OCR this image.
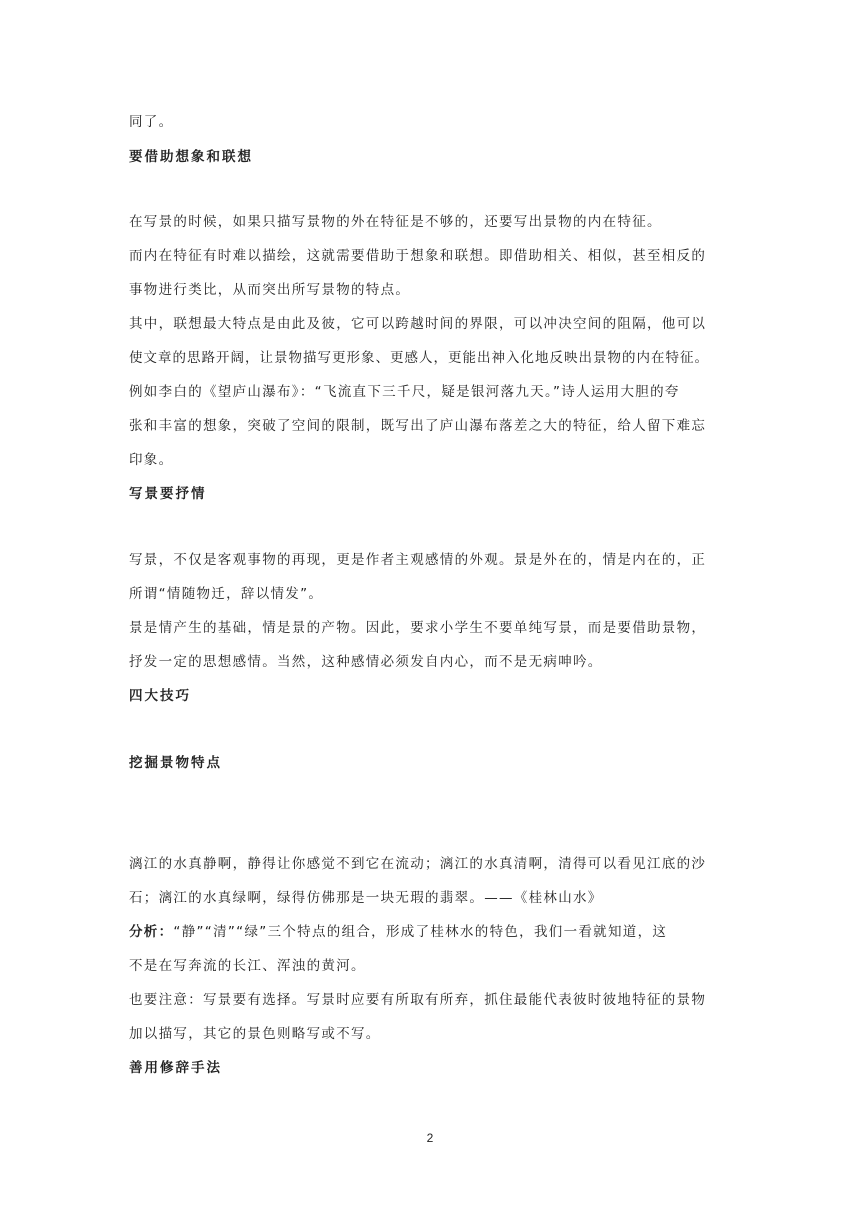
同了。
要借助想象和联想
在写景的时候，如果只描写景物的外在特征是不够的，还要写出景物的内在特征。
而内在特征有时难以描绘，这就需要借助于想象和联想。即借助相关、相似，甚至相反的
事物进行类比，从而突出所写景物的特点。
其中，联想最大特点是由此及彼，它可以跨越时间的界限，可以冲决空间的阻隔，他可以
使文章的思路开阔，让景物描写更形象、更感人，更能出神入化地反映出景物的内在特征。
例如李白的《望庐山瀑布》：“飞流直下三千尺，疑是银河落九天。”诗人运用大胆的夸
张和丰富的想象，突破了空间的限制，既写出了庐山瀑布落差之大的特征，给人留下难忘
印象。
写景要抒情
写景，不仅是客观事物的再现，更是作者主观感情的外观。景是外在的，情是内在的，正
所谓“情随物迁，辞以情发”。
景是情产生的基础，情是景的产物。因此，要求小学生不要单纯写景，而是要借助景物，
抒发一定的思想感情。当然，这种感情必须发自内心，而不是无病呻吟。
四大技巧
挖掘景物特点
漓江的水真静啊，静得让你感觉不到它在流动；漓江的水真清啊，清得可以看见江底的沙
石；漓江的水真绿啊，绿得仿佛那是一块无瑕的翡翠。——《桂林山水》
分析：“静”“清”“绿”三个特点的组合，形成了桂林水的特色，我们一看就知道，这
不是在写奔流的长江、浑浊的黄河。
也要注意：写景要有选择。写景时应要有所取有所弃，抓住最能代表彼时彼地特征的景物
加以描写，其它的景色则略写或不写。
善用修辞手法
2
